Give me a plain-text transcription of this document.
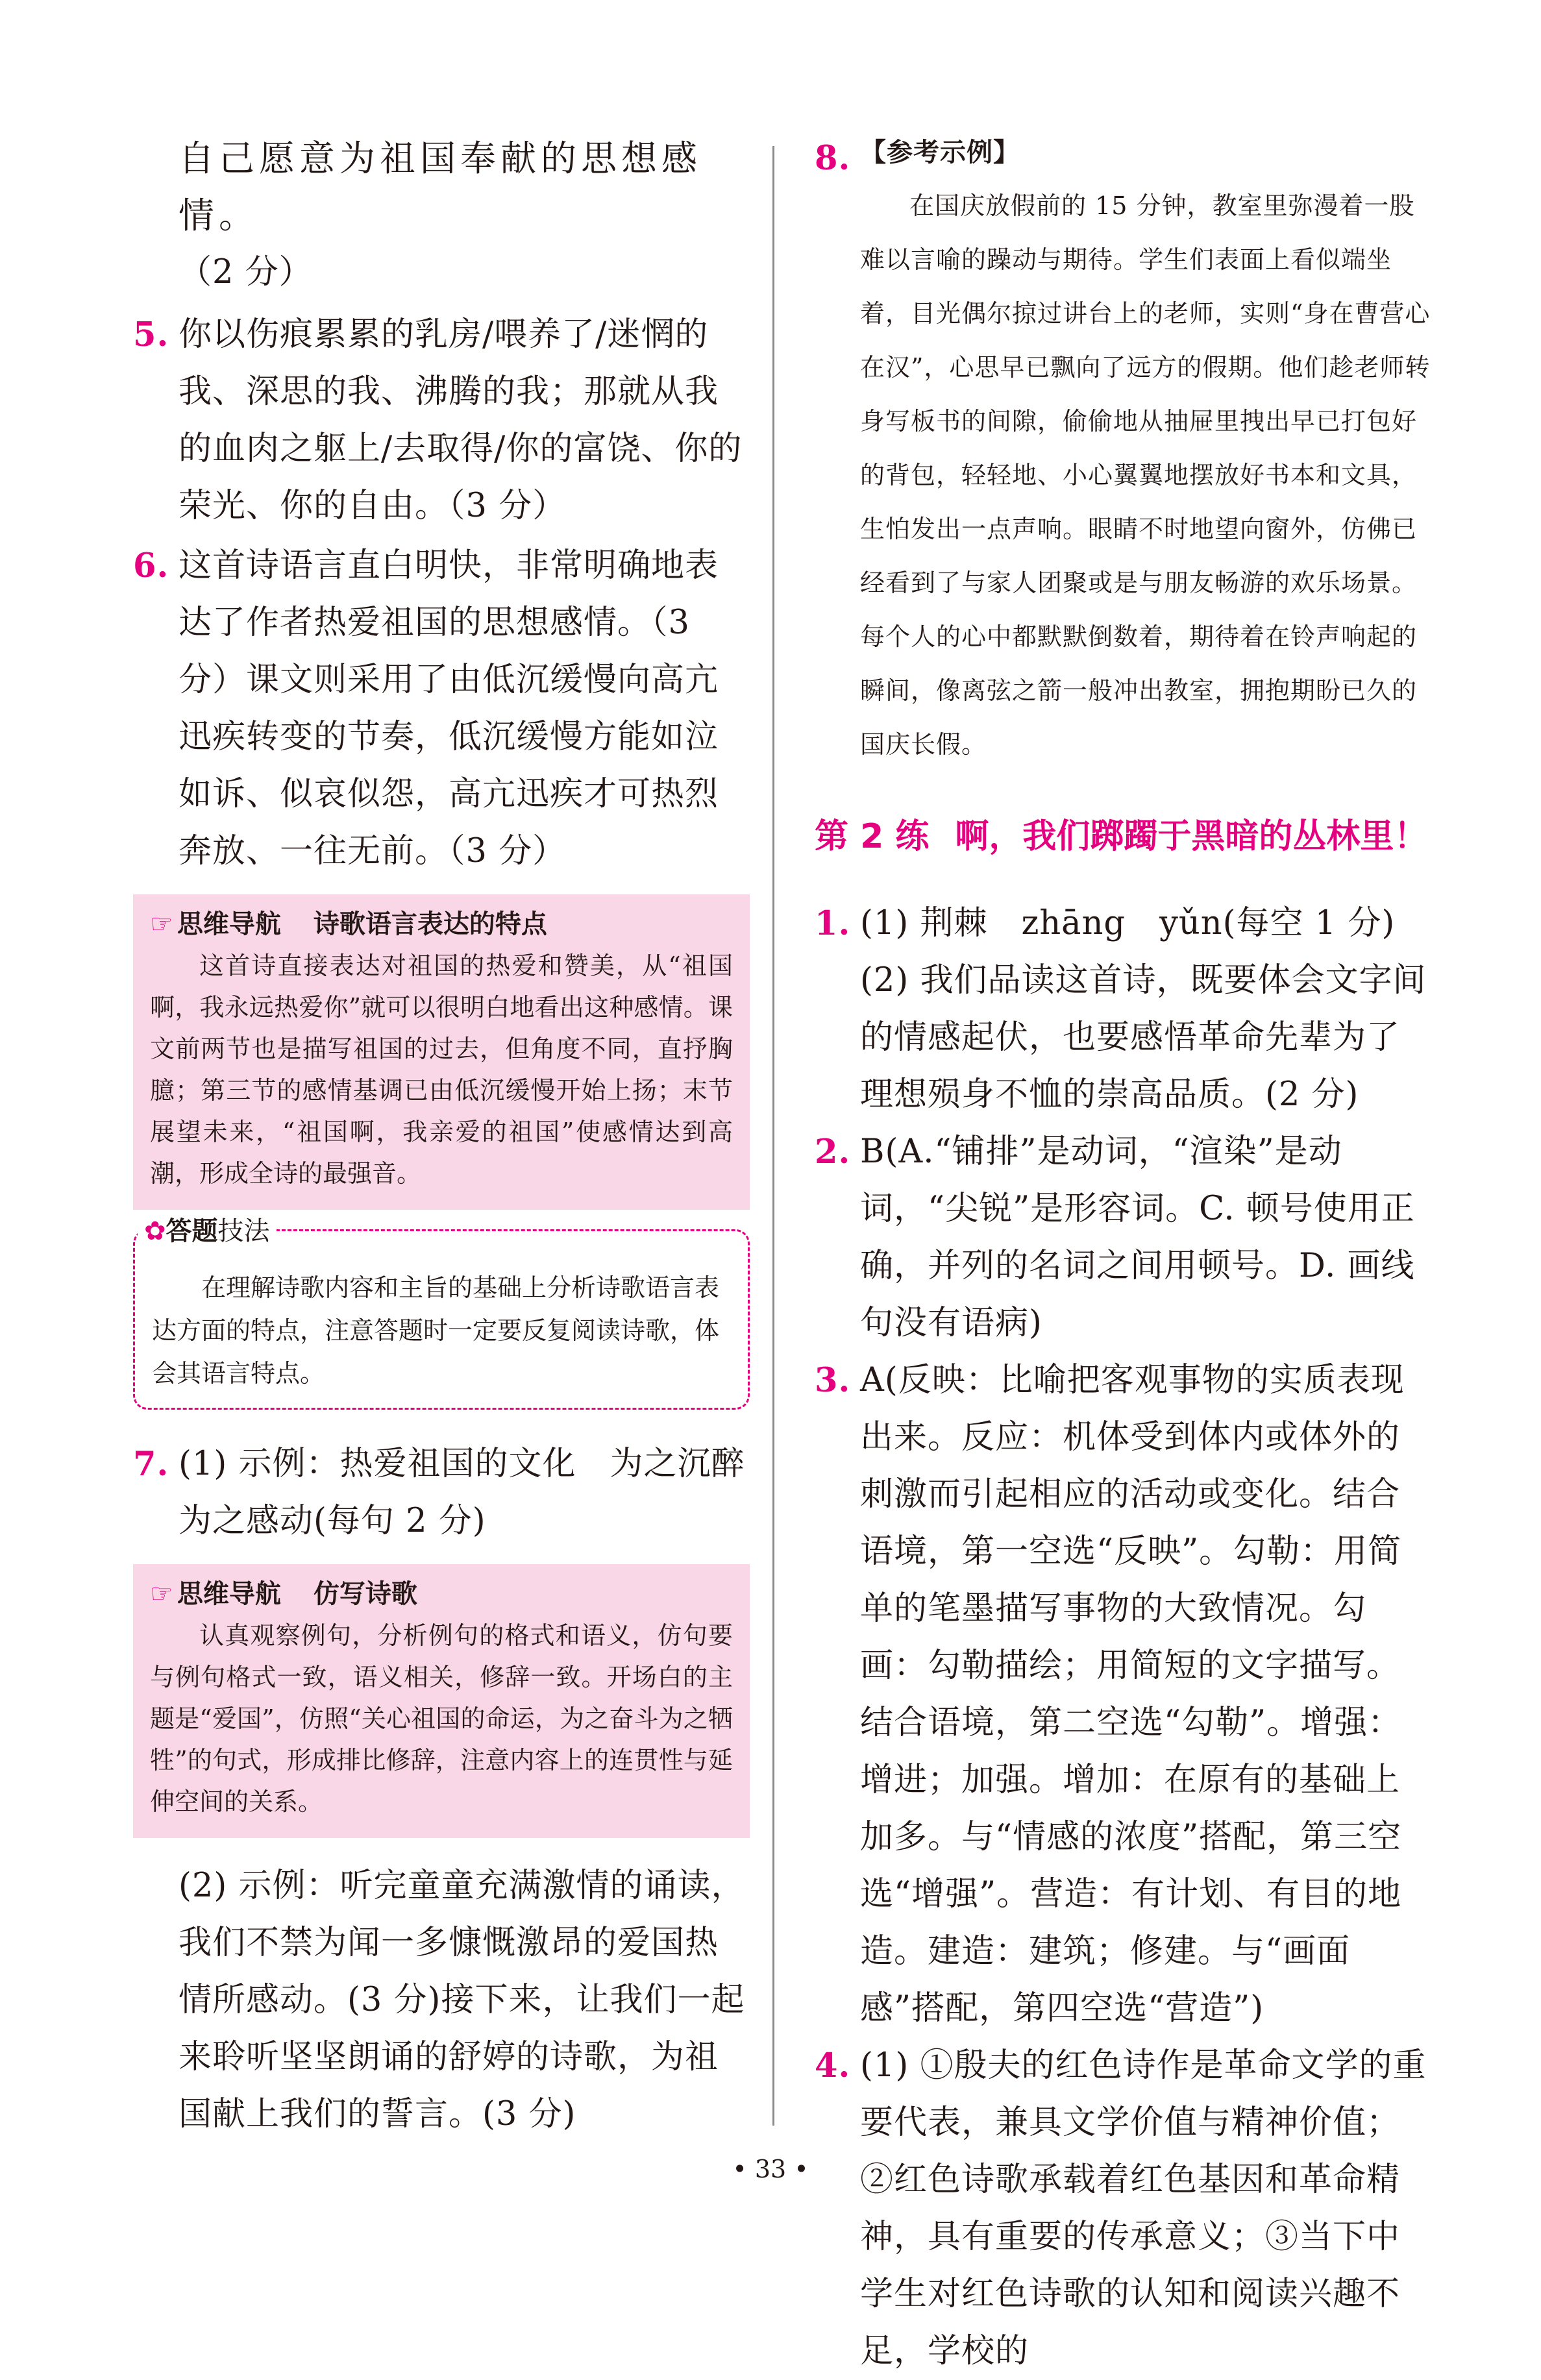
自己愿意为祖国奉献的思想感情。
（2 分）
5. 你以伤痕累累的乳房/喂养了/迷惘的我、深思的我、沸腾的我；那就从我的血肉之躯上/去取得/你的富饶、你的荣光、你的自由。（3 分）
6. 这首诗语言直白明快，非常明确地表达了作者热爱祖国的思想感情。（3 分）课文则采用了由低沉缓慢向高亢迅疾转变的节奏，低沉缓慢方能如泣如诉、似哀似怨，高亢迅疾才可热烈奔放、一往无前。（3 分）
☞ 思维导航 诗歌语言表达的特点
这首诗直接表达对祖国的热爱和赞美，从“祖国啊，我永远热爱你”就可以很明白地看出这种感情。课文前两节也是描写祖国的过去，但角度不同，直抒胸臆；第三节的感情基调已由低沉缓慢开始上扬；末节展望未来，“祖国啊，我亲爱的祖国”使感情达到高潮，形成全诗的最强音。
✿答题技法
在理解诗歌内容和主旨的基础上分析诗歌语言表达方面的特点，注意答题时一定要反复阅读诗歌，体会其语言特点。
7. (1) 示例：热爱祖国的文化　为之沉醉为之感动(每句 2 分)
☞ 思维导航 仿写诗歌
认真观察例句，分析例句的格式和语义，仿句要与例句格式一致，语义相关，修辞一致。开场白的主题是“爱国”，仿照“关心祖国的命运，为之奋斗为之牺牲”的句式，形成排比修辞，注意内容上的连贯性与延伸空间的关系。
(2) 示例：听完童童充满激情的诵读，我们不禁为闻一多慷慨激昂的爱国热情所感动。(3 分)接下来，让我们一起来聆听坚坚朗诵的舒婷的诗歌，为祖国献上我们的誓言。(3 分)
8. 【参考示例】
在国庆放假前的 15 分钟，教室里弥漫着一股难以言喻的躁动与期待。学生们表面上看似端坐着，目光偶尔掠过讲台上的老师，实则“身在曹营心在汉”，心思早已飘向了远方的假期。他们趁老师转身写板书的间隙，偷偷地从抽屉里拽出早已打包好的背包，轻轻地、小心翼翼地摆放好书本和文具，生怕发出一点声响。眼睛不时地望向窗外，仿佛已经看到了与家人团聚或是与朋友畅游的欢乐场景。每个人的心中都默默倒数着，期待着在铃声响起的瞬间，像离弦之箭一般冲出教室，拥抱期盼已久的国庆长假。
第 2 练 啊，我们踯躅于黑暗的丛林里！
1. (1) 荆棘　zhāng　yǔn(每空 1 分)
(2) 我们品读这首诗，既要体会文字间的情感起伏，也要感悟革命先辈为了理想殒身不恤的崇高品质。(2 分)
2. B(A.“铺排”是动词，“渲染”是动词，“尖锐”是形容词。C. 顿号使用正确，并列的名词之间用顿号。D. 画线句没有语病)
3. A(反映：比喻把客观事物的实质表现出来。反应：机体受到体内或体外的刺激而引起相应的活动或变化。结合语境，第一空选“反映”。勾勒：用简单的笔墨描写事物的大致情况。勾画：勾勒描绘；用简短的文字描写。结合语境，第二空选“勾勒”。增强：增进；加强。增加：在原有的基础上加多。与“情感的浓度”搭配，第三空选“增强”。营造：有计划、有目的地造。建造：建筑；修建。与“画面感”搭配，第四空选“营造”)
4. (1) ①殷夫的红色诗作是革命文学的重要代表，兼具文学价值与精神价值；②红色诗歌承载着红色基因和革命精神，具有重要的传承意义；③当下中学生对红色诗歌的认知和阅读兴趣不足，学校的
• 33 •
